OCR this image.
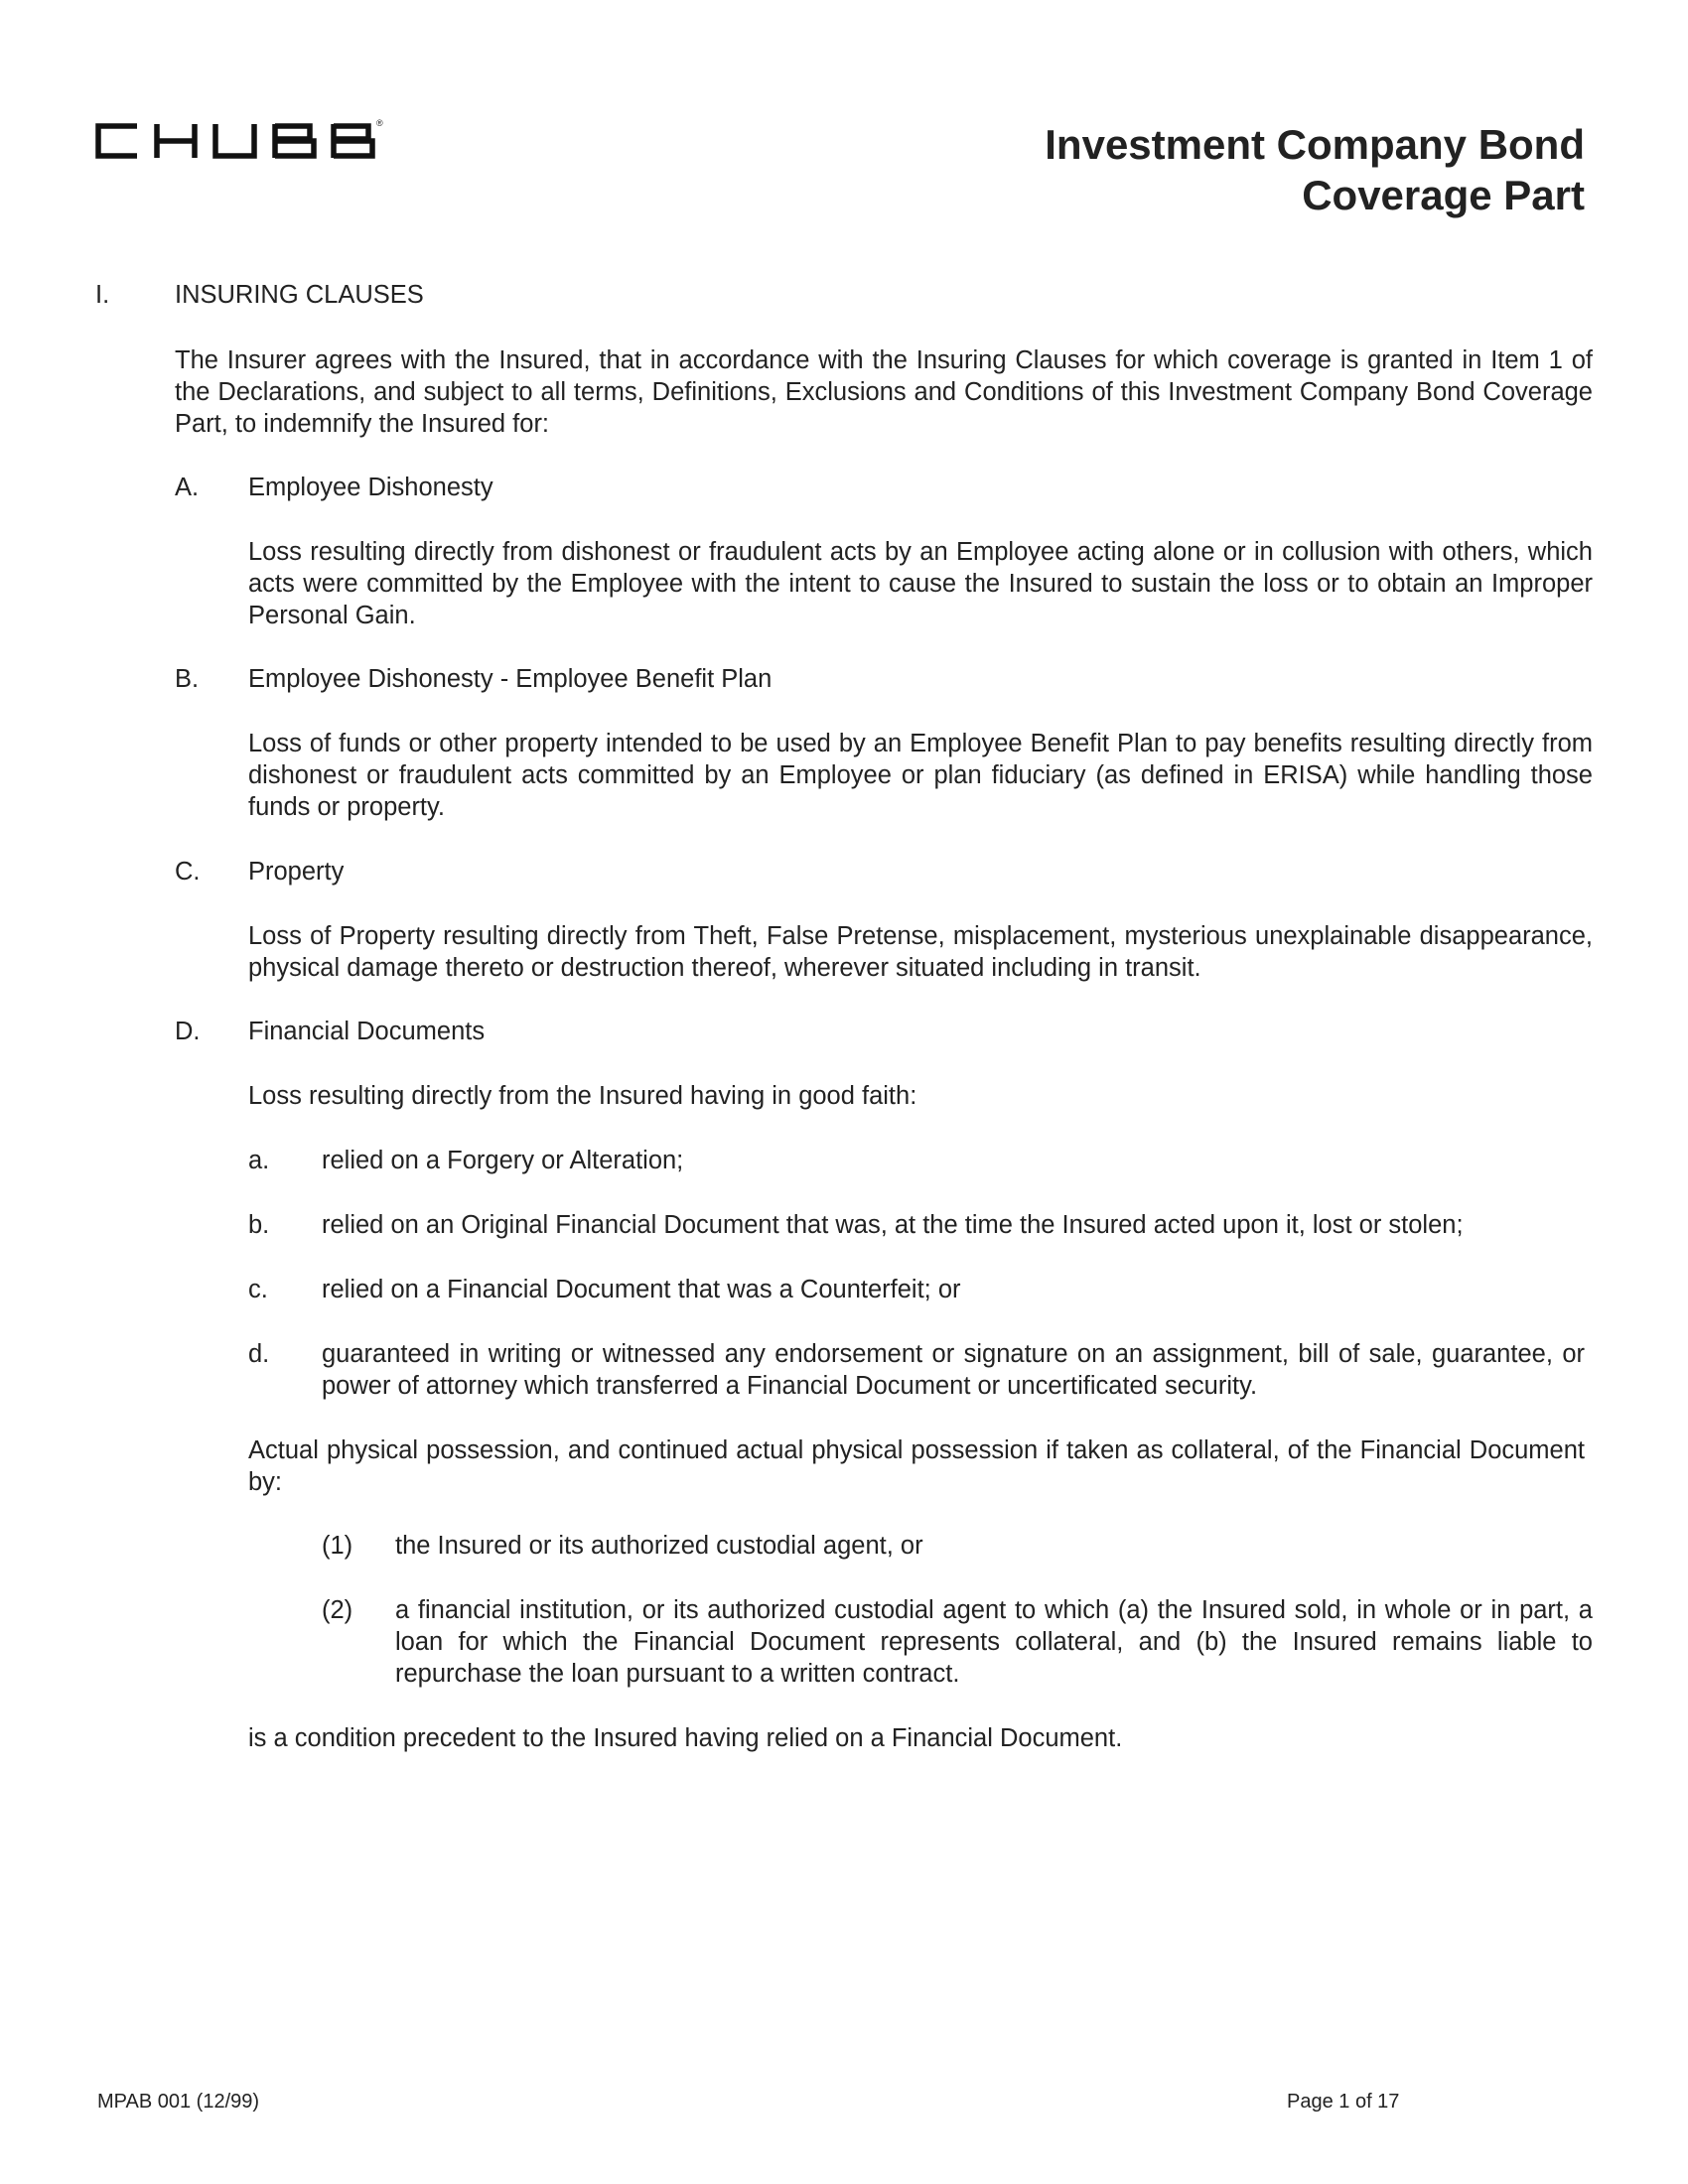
®	Investment Company Bond
Coverage Part
I.	INSURING CLAUSES
The Insurer agrees with the Insured, that in accordance with the Insuring Clauses for which coverage is granted in Item 1 of the Declarations, and subject to all terms, Definitions, Exclusions and Conditions of this Investment Company Bond Coverage Part, to indemnify the Insured for:
A. Employee Dishonesty
Loss resulting directly from dishonest or fraudulent acts by an Employee acting alone or in collusion with others, which acts were committed by the Employee with the intent to cause the Insured to sustain the loss or to obtain an Improper Personal Gain.
B. Employee Dishonesty - Employee Benefit Plan
Loss of funds or other property intended to be used by an Employee Benefit Plan to pay benefits resulting directly from dishonest or fraudulent acts committed by an Employee or plan fiduciary (as defined in ERISA) while handling those funds or property.
C. Property
Loss of Property resulting directly from Theft, False Pretense, misplacement, mysterious unexplainable disappearance, physical damage thereto or destruction thereof, wherever situated including in transit.
D. Financial Documents
Loss resulting directly from the Insured having in good faith:
a. relied on a Forgery or Alteration;
b. relied on an Original Financial Document that was, at the time the Insured acted upon it, lost or stolen;
c. relied on a Financial Document that was a Counterfeit; or
d. guaranteed in writing or witnessed any endorsement or signature on an assignment, bill of sale, guarantee, or power of attorney which transferred a Financial Document or uncertificated security.
Actual physical possession, and continued actual physical possession if taken as collateral, of the Financial Document by:
(1) the Insured or its authorized custodial agent, or
(2) a financial institution, or its authorized custodial agent to which (a) the Insured sold, in whole or in part, a loan for which the Financial Document represents collateral, and (b) the Insured remains liable to repurchase the loan pursuant to a written contract.
is a condition precedent to the Insured having relied on a Financial Document.
MPAB 001 (12/99)	Page 1 of 17
